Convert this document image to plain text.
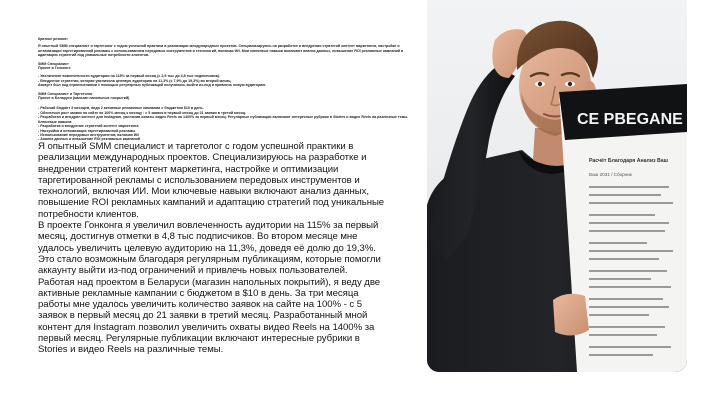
Краткое резюме:

Я опытный SMM специалист и таргетолог с годом успешной практики в реализации международных проектов. Специализируюсь на разработке и внедрении стратегий контент маркетинга, настройке и оптимизации таргетированной рекламы с использованием передовых инструментов и технологий, включая ИИ. Мои ключевые навыки включают анализ данных, повышение ROI рекламных кампаний и адаптацию стратегий под уникальные потребности клиентов.

SMM Специалист

Проект в Гонконге

- Увеличение вовлеченности аудитории на 115% за первый месяц (с 2,9 тыс до 4,8 тыс подписчиков).

- Внедрение стратегии, которая увеличила целевую аудиторию на 11,3% (с 7,9% до 19,3%) во второй месяц.

Аккаунт был под ограничениями с помощью регулярных публикаций получилось выйти из-под и привлечь новую аудиторию

SMM Специалист и Таргетолог

Проект в Беларуси (магазин напольных покрытий)

- Рабочий бюджет 3 месяцев, ведя 2 активные рекламные кампании с бюджетом $10 в день.

- Обеспечил рост заявок на сайте на 100% месяц к месяцу : с 5 заявок в первый месяц до 21 заявки в третий месяц.

- Разработал и внедрил контент для Instagram, увеличив охваты видео Reels на 1400% за первый месяц. Регулярные публикации включают интересные рубрики в Stories и видео Reels на различные темы.

Ключевые навыки:

- Разработка и внедрение стратегий контент маркетинга

- Настройка и оптимизация таргетированной рекламы

- Использование передовых инструментов, включая ИИ

- Анализ данных и повышение ROI рекламных кампаний

Я опытный SMM специалист и таргетолог с годом успешной практики в реализации международных проектов. Специализируюсь на разработке и внедрении стратегий контент маркетинга, настройке и оптимизации таргетированной рекламы с использованием передовых инструментов и технологий, включая ИИ. Мои ключевые навыки включают анализ данных, повышение ROI рекламных кампаний и адаптацию стратегий под уникальные потребности клиентов.

В проекте Гонконга я увеличил вовлеченность аудитории на 115% за первый месяц, достигнув отметки в 4,8 тыс подписчиков. Во втором месяце мне удалось увеличить целевую аудиторию на 11,3%, доведя её долю до 19,3%. Это стало возможным благодаря регулярным публикациям, которые помогли аккаунту выйти из-под ограничений и привлечь новых пользователей.

Работая над проектом в Беларуси (магазин напольных покрытий), я веду две активные рекламные кампании с бюджетом в $10 в день. За три месяца работы мне удалось увеличить количество заявок на сайте на 100% - с 5 заявок в первый месяц до 21 заявки в третий месяц. Разработанный мной контент для Instagram позволил увеличить охваты видео Reels на 1400% за первый месяц. Регулярные публикации включают интересные рубрики в Stories и видео Reels на различные темы.

CE PBEGANE
Расчёт Благодаря Анализ Ваш
Ваш 2031 / Сборник
